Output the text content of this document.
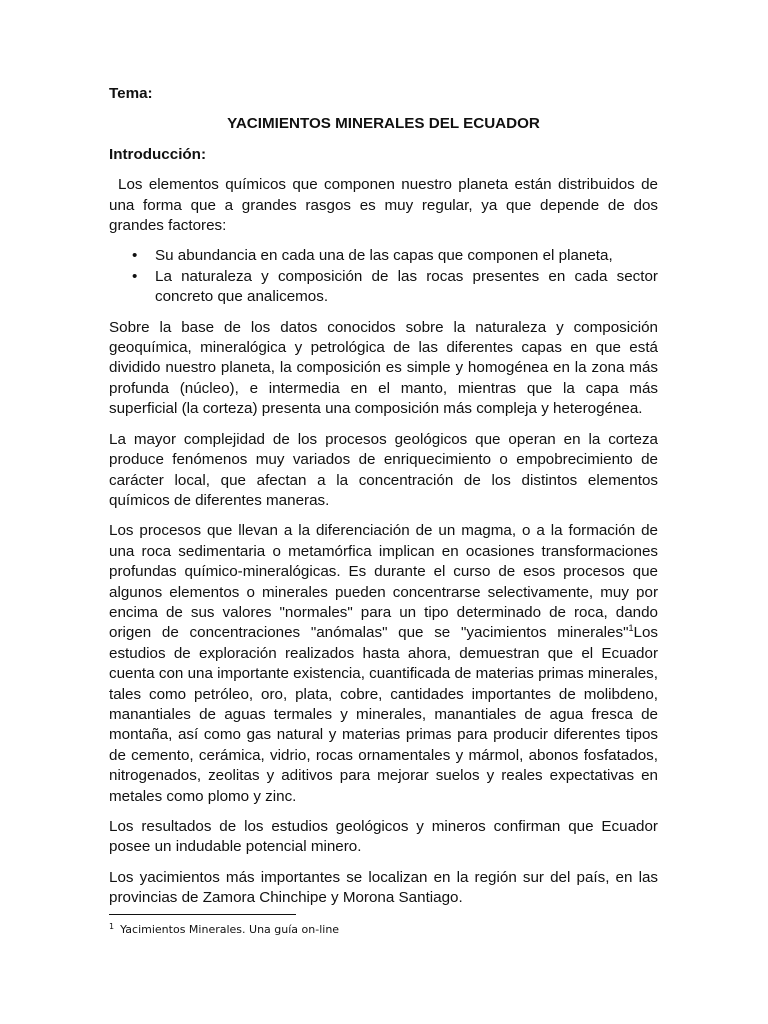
Tema:
YACIMIENTOS MINERALES DEL ECUADOR
Introducción:

Los elementos químicos que componen nuestro planeta están distribuidos de una forma que a grandes rasgos es muy regular, ya que depende de dos grandes factores:

• Su abundancia en cada una de las capas que componen el planeta,
• La naturaleza y composición de las rocas presentes en cada sector concreto que analicemos.

Sobre la base de los datos conocidos sobre la naturaleza y composición geoquímica, mineralógica y petrológica de las diferentes capas en que está dividido nuestro planeta, la composición es simple y homogénea en la zona más profunda (núcleo), e intermedia en el manto, mientras que la capa más superficial (la corteza) presenta una composición más compleja y heterogénea.

La mayor complejidad de los procesos geológicos que operan en la corteza produce fenómenos muy variados de enriquecimiento o empobrecimiento de carácter local, que afectan a la concentración de los distintos elementos químicos de diferentes maneras.

Los procesos que llevan a la diferenciación de un magma, o a la formación de una roca sedimentaria o metamórfica implican en ocasiones transformaciones profundas químico-mineralógicas. Es durante el curso de esos procesos que algunos elementos o minerales pueden concentrarse selectivamente, muy por encima de sus valores "normales" para un tipo determinado de roca, dando origen de concentraciones "anómalas" que se "yacimientos minerales"$^1$Los estudios de exploración realizados hasta ahora, demuestran que el Ecuador cuenta con una importante existencia, cuantificada de materias primas minerales, tales como petróleo, oro, plata, cobre, cantidades importantes de molibdeno, manantiales de aguas termales y minerales, manantiales de agua fresca de montaña, así como gas natural y materias primas para producir diferentes tipos de cemento, cerámica, vidrio, rocas ornamentales y mármol, abonos fosfatados, nitrogenados, zeolitas y aditivos para mejorar suelos y reales expectativas en metales como plomo y zinc.

Los resultados de los estudios geológicos y mineros confirman que Ecuador posee un indudable potencial minero.

Los yacimientos más importantes se localizan en la región sur del país, en las provincias de Zamora Chinchipe y Morona Santiago.

$^1$ Yacimientos Minerales. Una guía on-line
